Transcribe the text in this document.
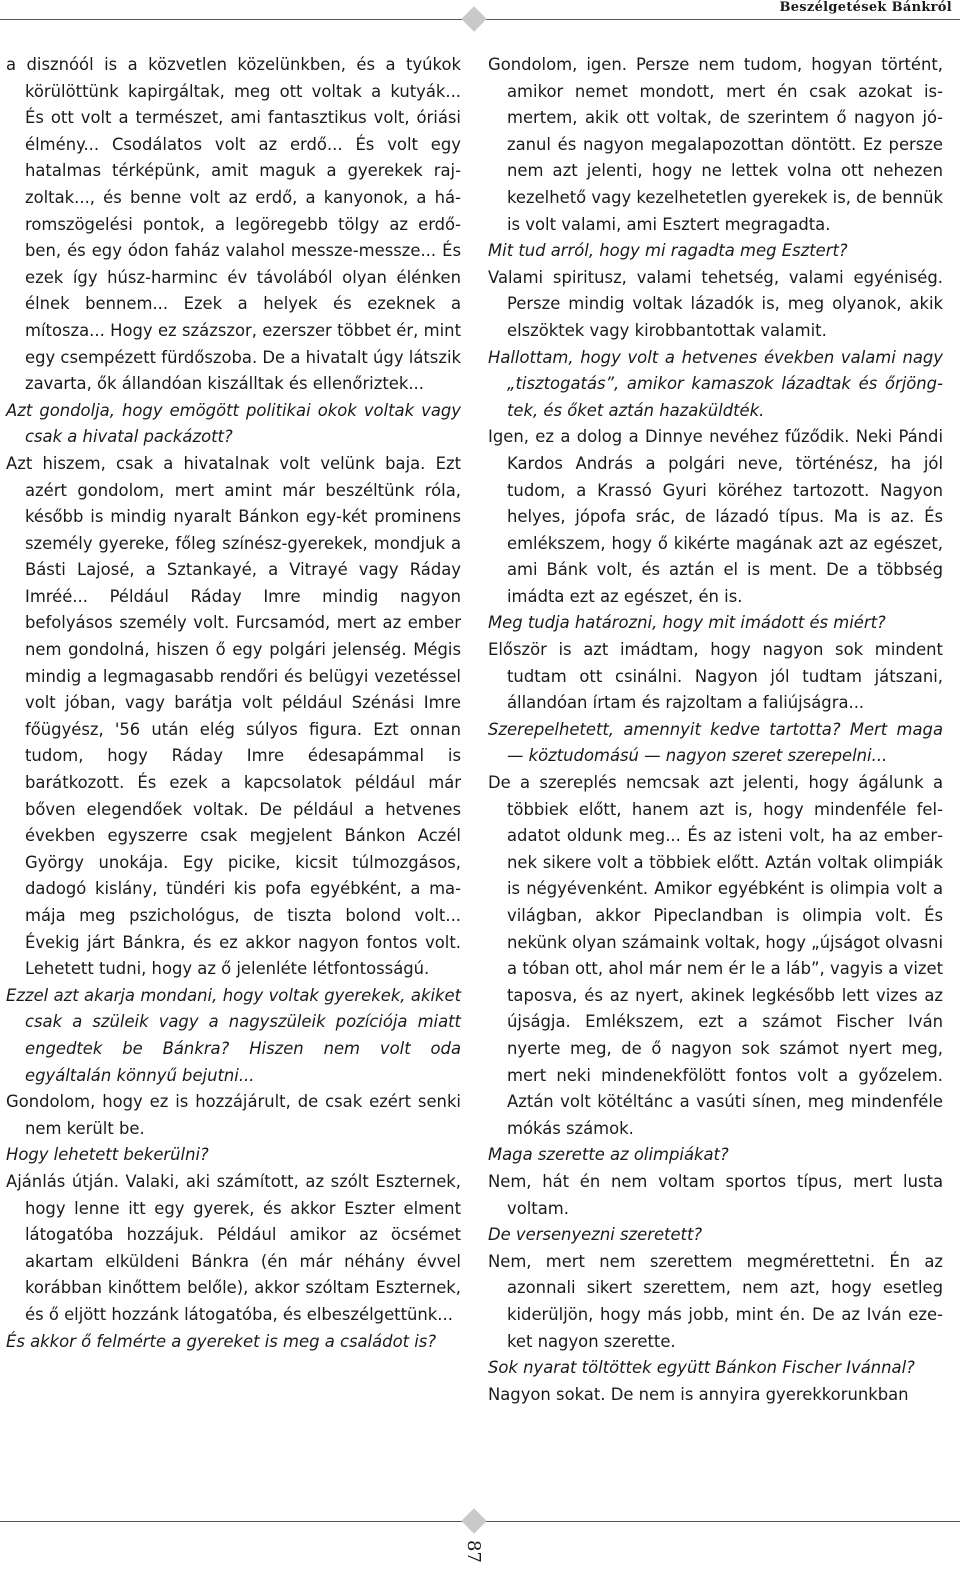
Beszélgetések Bánkról

a disznóól is a közvetlen közelünkben, és a tyúkok körülöttünk kapirgáltak, meg ott voltak a kutyák... És ott volt a természet, ami fantasztikus volt, óriási élmény... Csodálatos volt az erdő... És volt egy hatalmas térképünk, amit maguk a gyerekek rajzoltak..., és benne volt az erdő, a kanyonok, a háromszögelési pontok, a legöregebb tölgy az erdőben, és egy ódon faház valahol messze-messze... És ezek így húsz-harminc év távolából olyan élénken élnek bennem... Ezek a helyek és ezeknek a mítosza... Hogy ez százszor, ezerszer többet ér, mint egy csempézett fürdőszoba. De a hivatalt úgy látszik zavarta, ők állandóan kiszálltak és ellenőriztek...

Azt gondolja, hogy emögött politikai okok voltak vagy csak a hivatal packázott?

Azt hiszem, csak a hivatalnak volt velünk baja. Ezt azért gondolom, mert amint már beszéltünk róla, később is mindig nyaralt Bánkon egy-két prominens személy gyereke, főleg színész-gyerekek, mondjuk a Básti Lajosé, a Sztankayé, a Vitrayé vagy Ráday Imréé... Például Ráday Imre mindig nagyon befolyásos személy volt. Furcsamód, mert az ember nem gondolná, hiszen ő egy polgári jelenség. Mégis mindig a legmagasabb rendőri és belügyi vezetéssel volt jóban, vagy barátja volt például Szénási Imre főügyész, '56 után elég súlyos figura. Ezt onnan tudom, hogy Ráday Imre édesapámmal is barátkozott. És ezek a kapcsolatok például már bőven elegendőek voltak. De például a hetvenes években egyszerre csak megjelent Bánkon Aczél György unokája. Egy picike, kicsit túlmozgásos, dadogó kislány, tündéri kis pofa egyébként, a mamája meg pszichológus, de tiszta bolond volt... Évekig járt Bánkra, és ez akkor nagyon fontos volt. Lehetett tudni, hogy az ő jelenléte létfontosságú.

Ezzel azt akarja mondani, hogy voltak gyerekek, akiket csak a szüleik vagy a nagyszüleik pozíciója miatt engedtek be Bánkra? Hiszen nem volt oda egyáltalán könnyű bejutni...

Gondolom, hogy ez is hozzájárult, de csak ezért senki nem került be.

Hogy lehetett bekerülni?

Ajánlás útján. Valaki, aki számított, az szólt Eszternek, hogy lenne itt egy gyerek, és akkor Eszter elment látogatóba hozzájuk. Például amikor az öcsémet akartam elküldeni Bánkra (én már néhány évvel korábban kinőttem belőle), akkor szóltam Eszternek, és ő eljött hozzánk látogatóba, és elbeszélgettünk...

És akkor ő felmérte a gyereket is meg a családot is?

Gondolom, igen. Persze nem tudom, hogyan történt, amikor nemet mondott, mert én csak azokat ismertem, akik ott voltak, de szerintem ő nagyon józanul és nagyon megalapozottan döntött. Ez persze nem azt jelenti, hogy ne lettek volna ott nehezen kezelhető vagy kezelhetetlen gyerekek is, de bennük is volt valami, ami Esztert megragadta.

Mit tud arról, hogy mi ragadta meg Esztert?

Valami spiritusz, valami tehetség, valami egyéniség. Persze mindig voltak lázadók is, meg olyanok, akik elszöktek vagy kirobbantottak valamit.

Hallottam, hogy volt a hetvenes években valami nagy „tisztogatás”, amikor kamaszok lázadtak és őrjöngtek, és őket aztán hazaküldték.

Igen, ez a dolog a Dinnye nevéhez fűződik. Neki Pándi Kardos András a polgári neve, történész, ha jól tudom, a Krassó Gyuri köréhez tartozott. Nagyon helyes, jópofa srác, de lázadó típus. Ma is az. És emlékszem, hogy ő kikérte magának azt az egészet, ami Bánk volt, és aztán el is ment. De a többség imádta ezt az egészet, én is.

Meg tudja határozni, hogy mit imádott és miért?

Először is azt imádtam, hogy nagyon sok mindent tudtam ott csinálni. Nagyon jól tudtam játszani, állandóan írtam és rajzoltam a faliújságra...

Szerepelhetett, amennyit kedve tartotta? Mert maga — köztudomású — nagyon szeret szerepelni...

De a szereplés nemcsak azt jelenti, hogy ágálunk a többiek előtt, hanem azt is, hogy mindenféle feladatot oldunk meg... És az isteni volt, ha az embernek sikere volt a többiek előtt. Aztán voltak olimpiák is négyévenként. Amikor egyébként is olimpia volt a világban, akkor Pipeclandban is olimpia volt. És nekünk olyan számaink voltak, hogy „újságot olvasni a tóban ott, ahol már nem ér le a láb”, vagyis a vizet taposva, és az nyert, akinek legkésőbb lett vizes az újságja. Emlékszem, ezt a számot Fischer Iván nyerte meg, de ő nagyon sok számot nyert meg, mert neki mindenekfölött fontos volt a győzelem. Aztán volt kötéltánc a vasúti sínen, meg mindenféle mókás számok.

Maga szerette az olimpiákat?

Nem, hát én nem voltam sportos típus, mert lusta voltam.

De versenyezni szeretett?

Nem, mert nem szerettem megmérettetni. Én az azonnali sikert szerettem, nem azt, hogy esetleg kiderüljön, hogy más jobb, mint én. De az Iván ezeket nagyon szerette.

Sok nyarat töltöttek együtt Bánkon Fischer Ivánnal?

Nagyon sokat. De nem is annyira gyerekkorunkban

87
